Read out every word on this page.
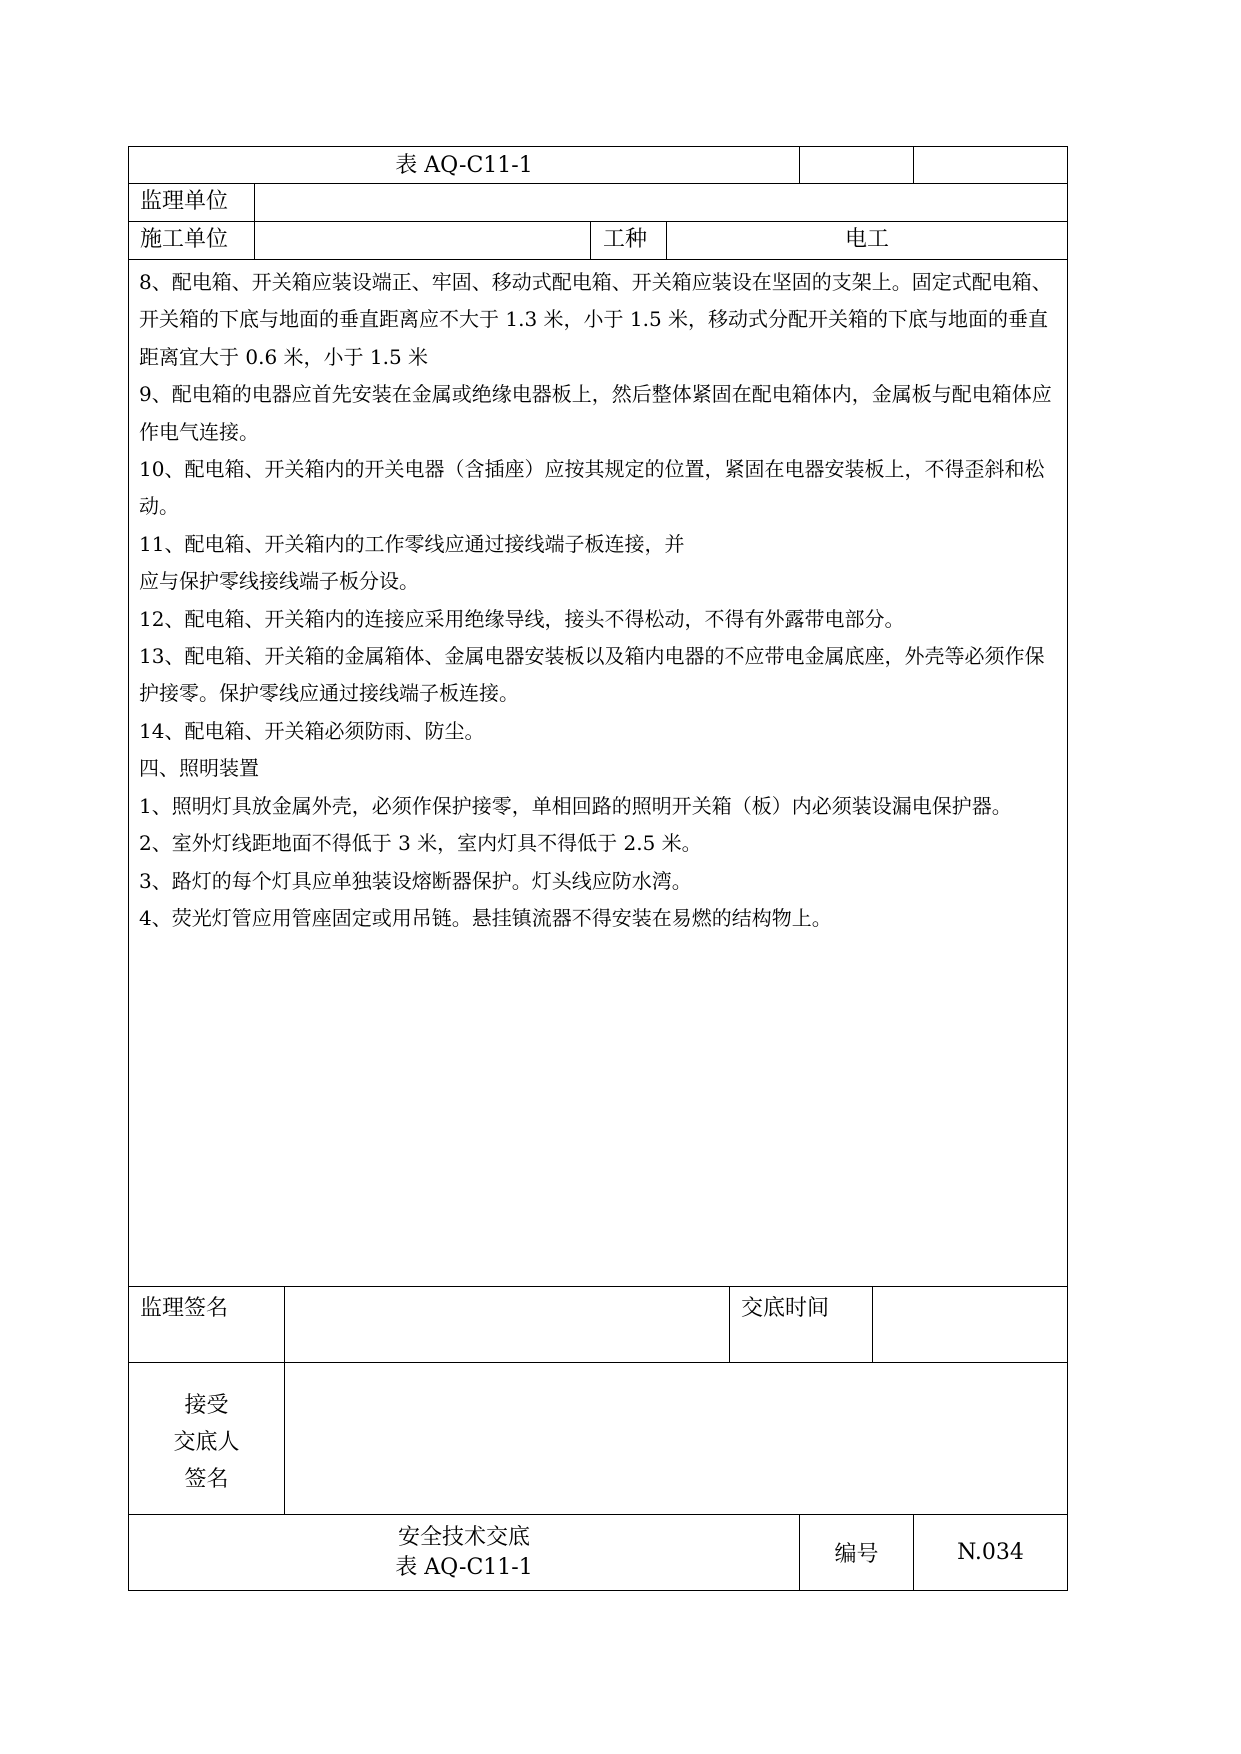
表 AQ-C11-1
监理单位
施工单位	工种	电工

8、配电箱、开关箱应装设端正、牢固、移动式配电箱、开关箱应装设在坚固的支架上。固定式配电箱、开关箱的下底与地面的垂直距离应不大于 1.3 米，小于 1.5 米，移动式分配开关箱的下底与地面的垂直距离宜大于 0.6 米，小于 1.5 米

9、配电箱的电器应首先安装在金属或绝缘电器板上，然后整体紧固在配电箱体内，金属板与配电箱体应作电气连接。

10、配电箱、开关箱内的开关电器（含插座）应按其规定的位置，紧固在电器安装板上，不得歪斜和松动。

11、配电箱、开关箱内的工作零线应通过接线端子板连接，并

应与保护零线接线端子板分设。

12、配电箱、开关箱内的连接应采用绝缘导线，接头不得松动，不得有外露带电部分。

13、配电箱、开关箱的金属箱体、金属电器安装板以及箱内电器的不应带电金属底座，外壳等必须作保护接零。保护零线应通过接线端子板连接。

14、配电箱、开关箱必须防雨、防尘。

四、照明装置

1、照明灯具放金属外壳，必须作保护接零，单相回路的照明开关箱（板）内必须装设漏电保护器。

2、室外灯线距地面不得低于 3 米，室内灯具不得低于 2.5 米。

3、路灯的每个灯具应单独装设熔断器保护。灯头线应防水湾。

4、荧光灯管应用管座固定或用吊链。悬挂镇流器不得安装在易燃的结构物上。

监理签名	交底时间
接受
交底人
签名
安全技术交底
表 AQ-C11-1	编号	N.034
